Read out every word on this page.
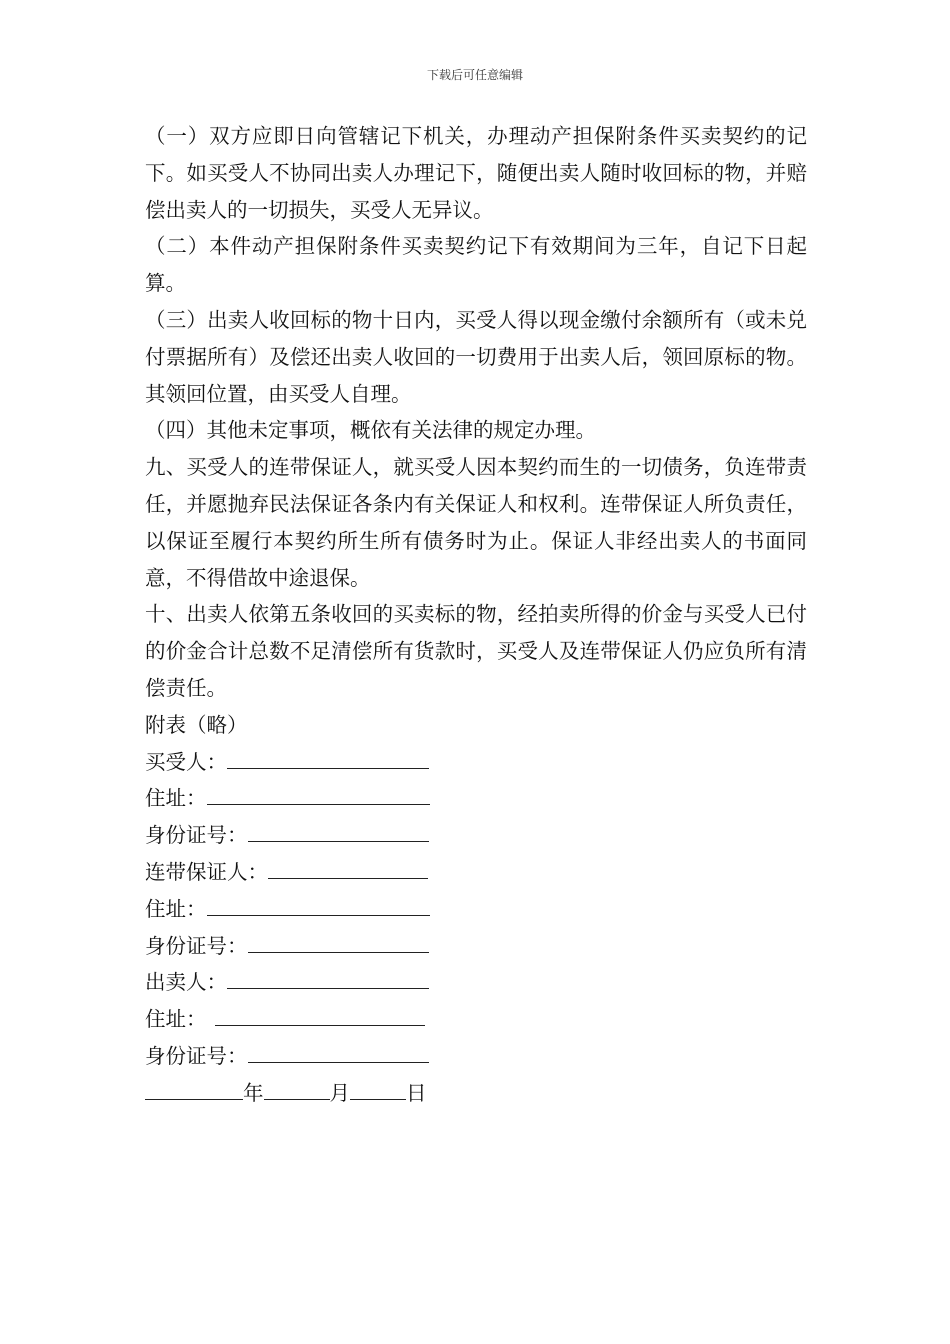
下载后可任意编辑

（一）双方应即日向管辖记下机关，办理动产担保附条件买卖契约的记下。如买受人不协同出卖人办理记下，随便出卖人随时收回标的物，并赔偿出卖人的一切损失，买受人无异议。

（二）本件动产担保附条件买卖契约记下有效期间为三年，自记下日起算。

（三）出卖人收回标的物十日内，买受人得以现金缴付余额所有（或未兑付票据所有）及偿还出卖人收回的一切费用于出卖人后，领回原标的物。其领回位置，由买受人自理。

（四）其他未定事项，概依有关法律的规定办理。

九、买受人的连带保证人，就买受人因本契约而生的一切债务，负连带责任，并愿抛弃民法保证各条内有关保证人和权利。连带保证人所负责任，以保证至履行本契约所生所有债务时为止。保证人非经出卖人的书面同意，不得借故中途退保。

十、出卖人依第五条收回的买卖标的物，经拍卖所得的价金与买受人已付的价金合计总数不足清偿所有货款时，买受人及连带保证人仍应负所有清偿责任。

附表（略）

买受人：
住址：
身份证号：
连带保证人：
住址：
身份证号：
出卖人：
住址：
身份证号：
年	月	日
